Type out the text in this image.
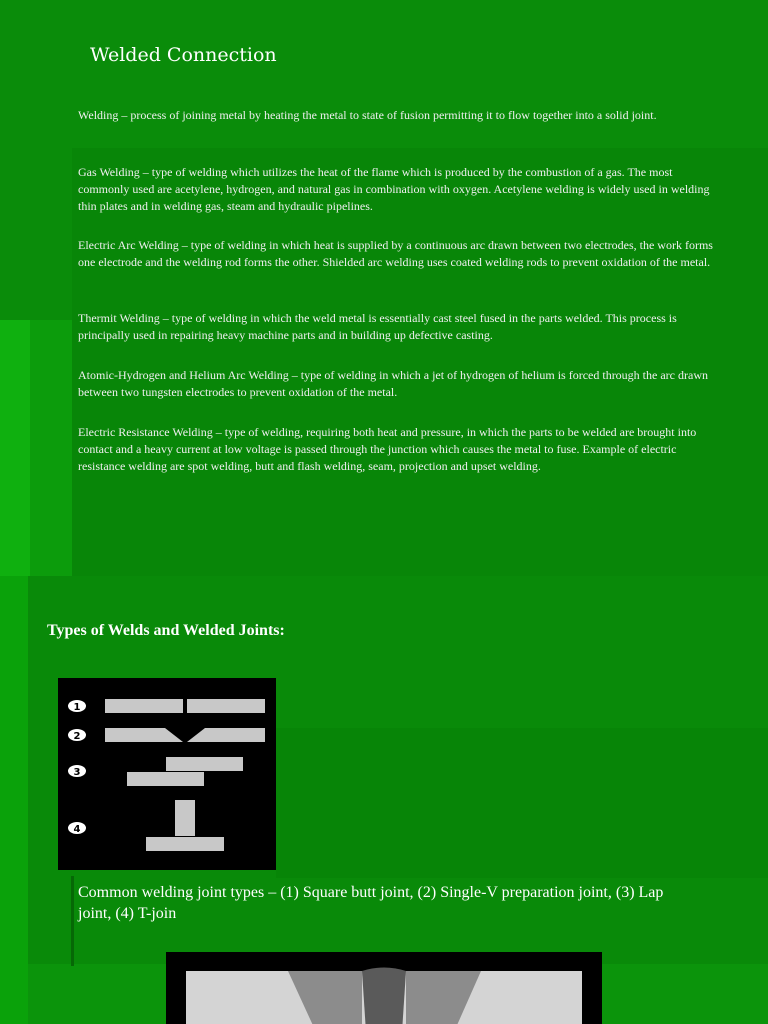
Welded Connection
Welding – process of joining metal by heating the metal to state of fusion permitting it to flow together into a solid joint.
Gas Welding – type of welding which utilizes the heat of the flame which is produced by the combustion of a gas. The most commonly used are acetylene, hydrogen, and natural gas in combination with oxygen. Acetylene welding is widely used in welding thin plates and in welding gas, steam and hydraulic pipelines.
Electric Arc Welding – type of welding in which heat is supplied by a continuous arc drawn between two electrodes, the work forms one electrode and the welding rod forms the other. Shielded arc welding uses coated welding rods to prevent oxidation of the metal.
Thermit Welding – type of welding in which the weld metal is essentially cast steel fused in the parts welded. This process is principally used in repairing heavy machine parts and in building up defective casting.
Atomic-Hydrogen and Helium Arc Welding – type of welding in which a jet of hydrogen of helium is forced through the arc drawn between two tungsten electrodes to prevent oxidation of the metal.
Electric Resistance Welding – type of welding, requiring both heat and pressure, in which the parts to be welded are brought into contact and a heavy current at low voltage is passed through the junction which causes the metal to fuse. Example of electric resistance welding are spot welding, butt and flash welding, seam, projection and upset welding.
Types of Welds and Welded Joints:
1
2
3
4
Common welding joint types – (1) Square butt joint, (2) Single-V preparation joint, (3) Lap joint, (4) T-join
